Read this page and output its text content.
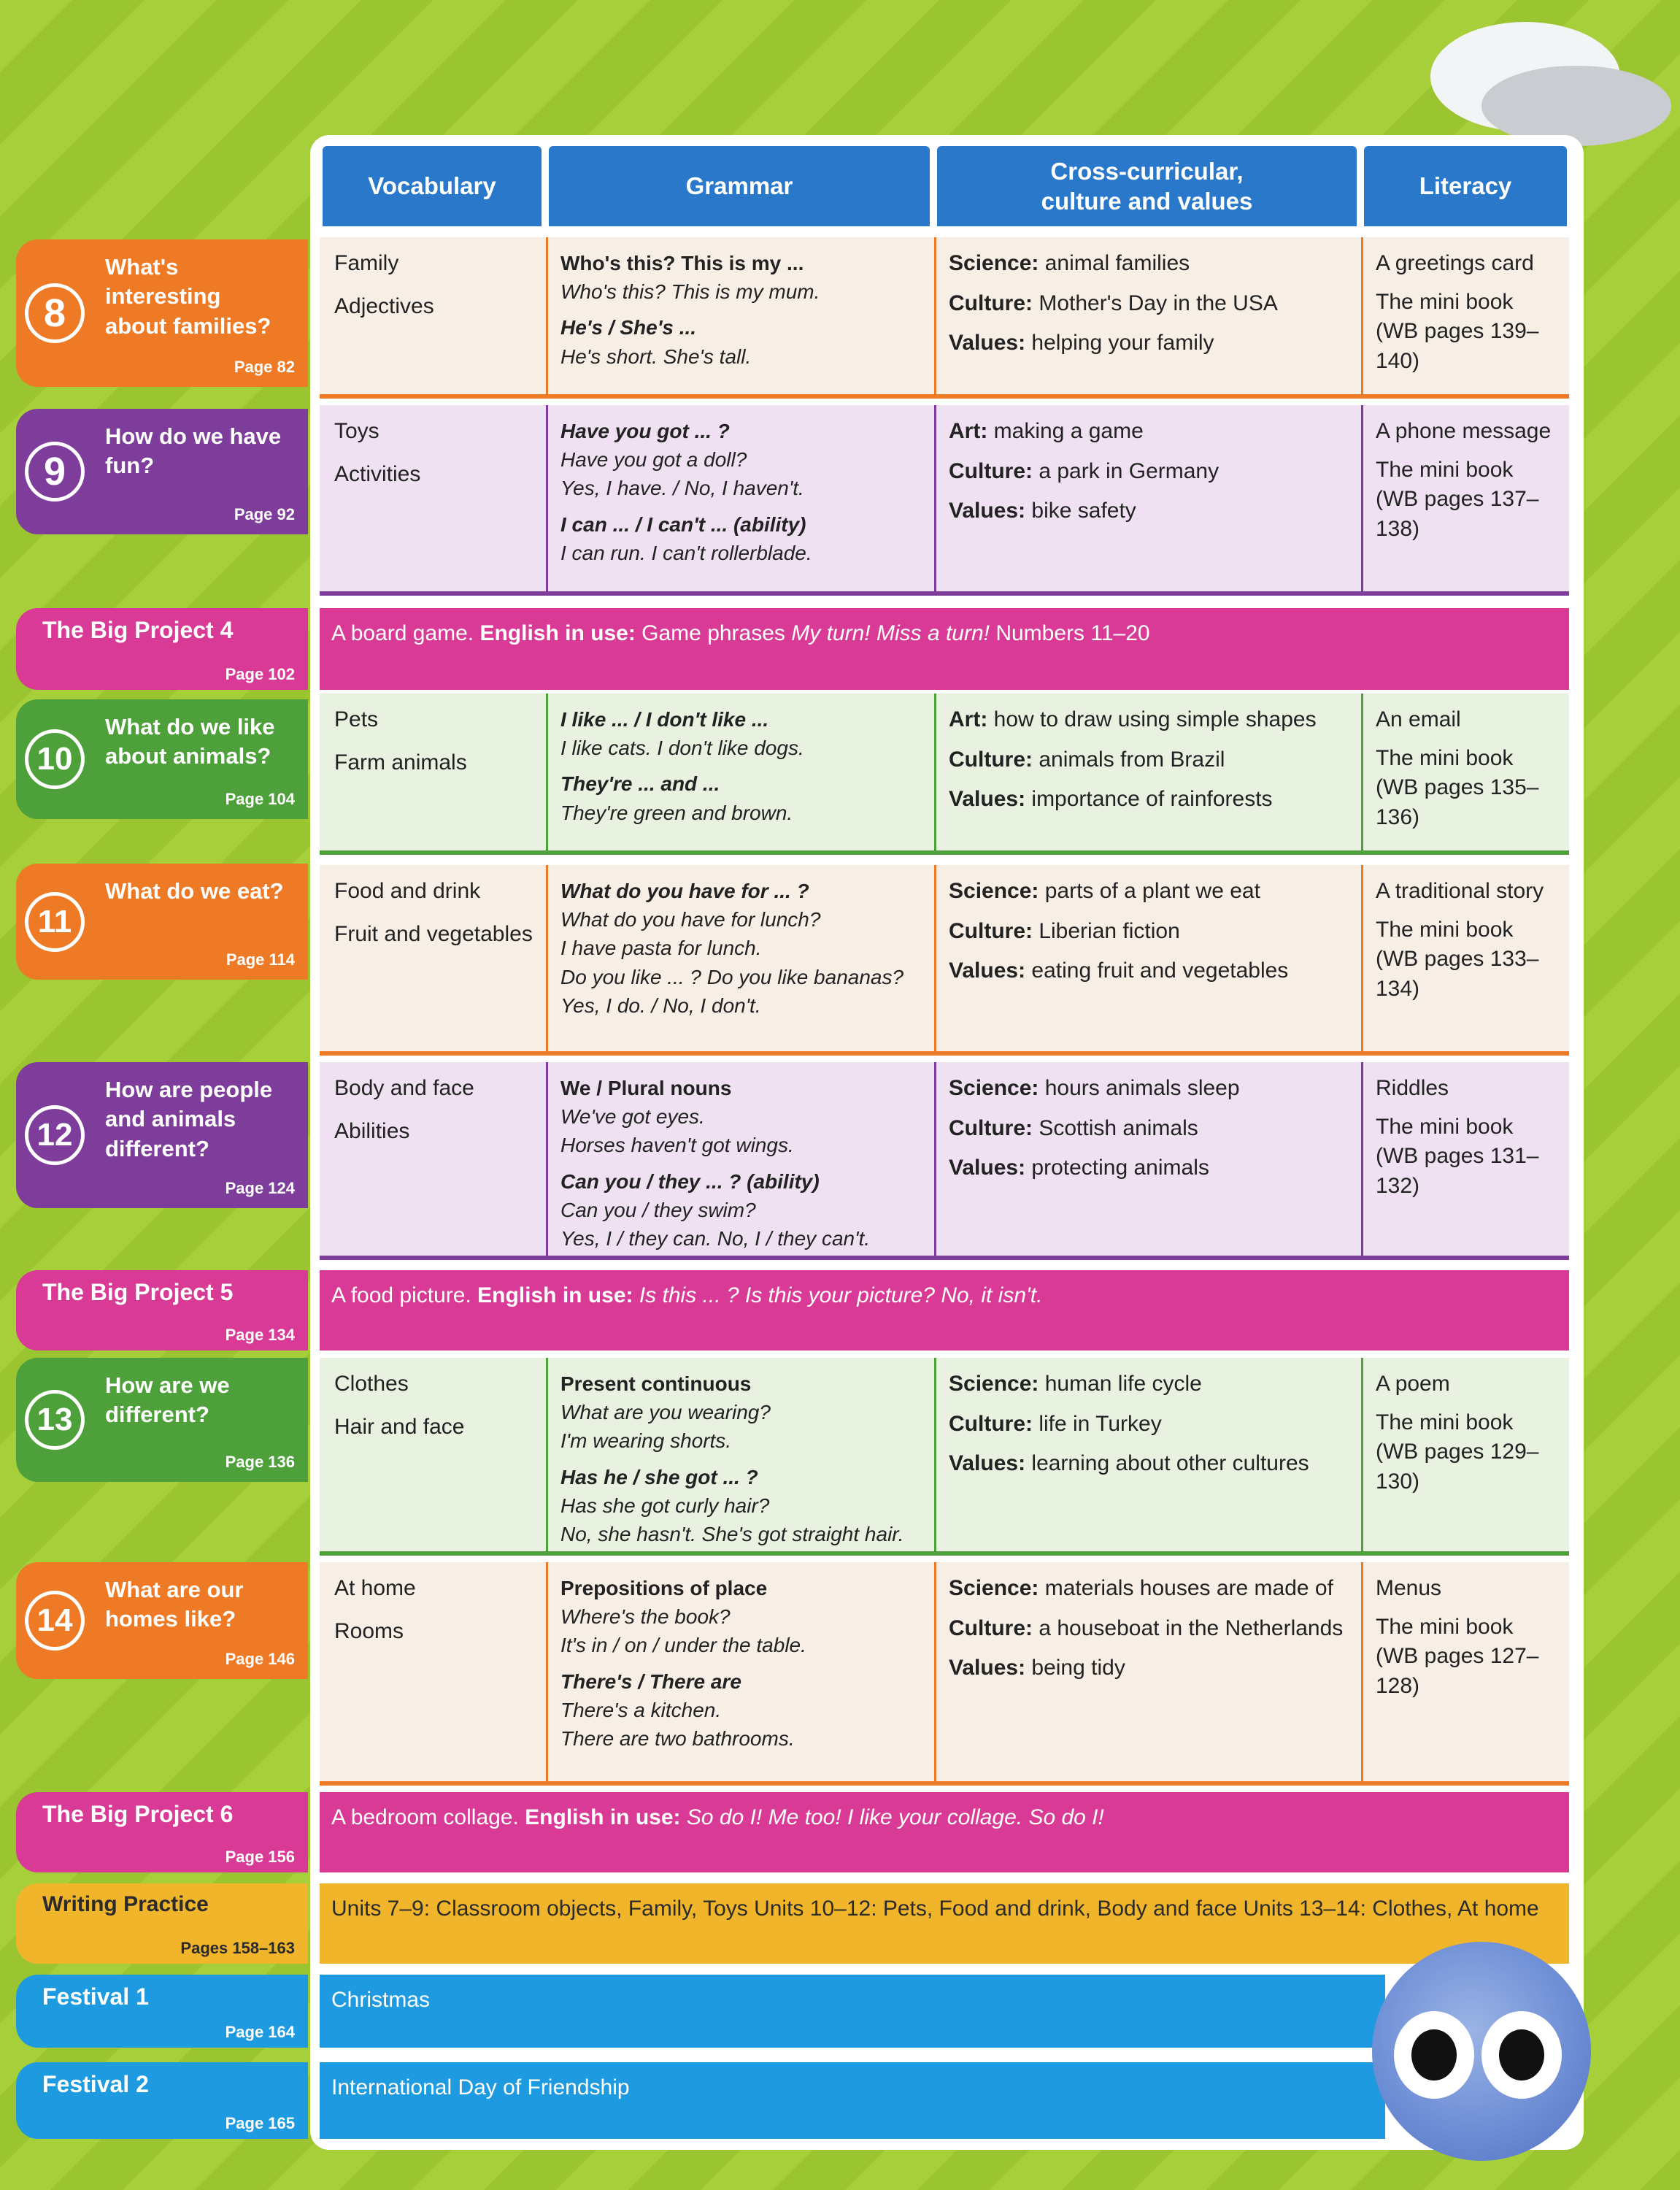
Vocabulary	Grammar
Cross-curricular,
culture and values
Literacy
8
What's interesting about families?
Page 82

Family

Adjectives

Who's this? This is my ...
Who's this? This is my mum.
He's / She's ...
He's short. She's tall.

Science: animal families

Culture: Mother's Day in the USA

Values: helping your family

A greetings card
The mini book
(WB pages 139–140)
9
How do we have fun?
Page 92

Toys

Activities

Have you got ... ?
Have you got a doll?
Yes, I have. / No, I haven't.
I can ... / I can't ... (ability)
I can run. I can't rollerblade.

Art: making a game

Culture: a park in Germany

Values: bike safety

A phone message
The mini book
(WB pages 137–138)
10
What do we like about animals?
Page 104

Pets

Farm animals

I like ... / I don't like ...
I like cats. I don't like dogs.
They're ... and ...
They're green and brown.

Art: how to draw using simple shapes

Culture: animals from Brazil

Values: importance of rainforests

An email
The mini book
(WB pages 135–136)
11
What do we eat?
Page 114

Food and drink

Fruit and vegetables

What do you have for ... ?
What do you have for lunch?
I have pasta for lunch.
Do you like ... ? Do you like bananas?
Yes, I do. / No, I don't.

Science: parts of a plant we eat

Culture: Liberian fiction

Values: eating fruit and vegetables

A traditional story
The mini book
(WB pages 133–134)
12
How are people and animals different?
Page 124

Body and face

Abilities

We / Plural nouns
We've got eyes.
Horses haven't got wings.
Can you / they ... ? (ability)
Can you / they swim?
Yes, I / they can. No, I / they can't.

Science: hours animals sleep

Culture: Scottish animals

Values: protecting animals

Riddles
The mini book
(WB pages 131–132)
13
How are we different?
Page 136

Clothes

Hair and face

Present continuous
What are you wearing?
I'm wearing shorts.
Has he / she got ... ?
Has she got curly hair?
No, she hasn't. She's got straight hair.

Science: human life cycle

Culture: life in Turkey

Values: learning about other cultures

A poem
The mini book
(WB pages 129–130)
14
What are our homes like?
Page 146

At home

Rooms

Prepositions of place
Where's the book?
It's in / on / under the table.
There's / There are
There's a kitchen.
There are two bathrooms.

Science: materials houses are made of

Culture: a houseboat in the Netherlands

Values: being tidy

Menus
The mini book
(WB pages 127–128)
The Big Project 4
Page 102
A board game. English in use: Game phrases My turn! Miss a turn! Numbers 11–20
The Big Project 5
Page 134
A food picture. English in use: Is this ... ? Is this your picture? No, it isn't.
The Big Project 6
Page 156
A bedroom collage. English in use: So do I! Me too! I like your collage. So do I!
Writing Practice
Pages 158–163
Units 7–9: Classroom objects, Family, Toys Units 10–12: Pets, Food and drink, Body and face Units 13–14: Clothes, At home
Festival 1
Page 164
Christmas
Festival 2
Page 165
International Day of Friendship
